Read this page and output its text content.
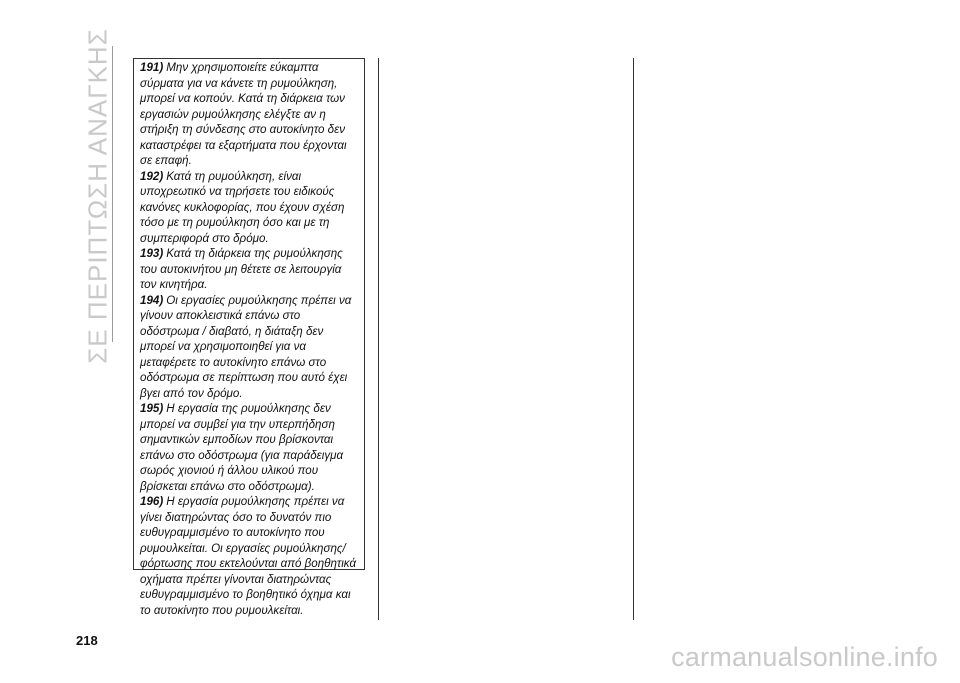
ΣΕ ΠΕΡΙΠΤΩΣΗ ΑΝΑΓΚΗΣ 191) Μην χρησιμοποιείτε εύκαμπτα σύρματα για να κάνετε τη ρυμούλκηση, μπορεί να κοπούν. Κατά τη διάρκεια των εργασιών ρυμούλκησης ελέγξτε αν η στήριξη τη σύνδεσης στο αυτοκίνητο δεν καταστρέφει τα εξαρτήματα που έρχονται σε επαφή.
192) Κατά τη ρυμούλκηση, είναι υποχρεωτικό να τηρήσετε του ειδικούς κανόνες κυκλοφορίας, που έχουν σχέση τόσο με τη ρυμούλκηση όσο και με τη συμπεριφορά στο δρόμο.
193) Κατά τη διάρκεια της ρυμούλκησης του αυτοκινήτου μη θέτετε σε λειτουργία τον κινητήρα.
194) Οι εργασίες ρυμούλκησης πρέπει να γίνουν αποκλειστικά επάνω στο οδόστρωμα / διαβατό, η διάταξη δεν μπορεί να χρησιμοποιηθεί για να μεταφέρετε το αυτοκίνητο επάνω στο οδόστρωμα σε περίπτωση που αυτό έχει βγει από τον δρόμο.
195) Η εργασία της ρυμούλκησης δεν μπορεί να συμβεί για την υπερπήδηση σημαντικών εμποδίων που βρίσκονται επάνω στο οδόστρωμα (για παράδειγμα σωρός χιονιού ή άλλου υλικού που βρίσκεται επάνω στο οδόστρωμα).
196) Η εργασία ρυμούλκησης πρέπει να γίνει διατηρώντας όσο το δυνατόν πιο ευθυγραμμισμένο το αυτοκίνητο που ρυμουλκείται. Οι εργασίες ρυμούλκησης/φόρτωσης που εκτελούνται από βοηθητικά οχήματα πρέπει γίνονται διατηρώντας ευθυγραμμισμένο το βοηθητικό όχημα και το αυτοκίνητο που ρυμουλκείται.
218
carmanualsonline.info
